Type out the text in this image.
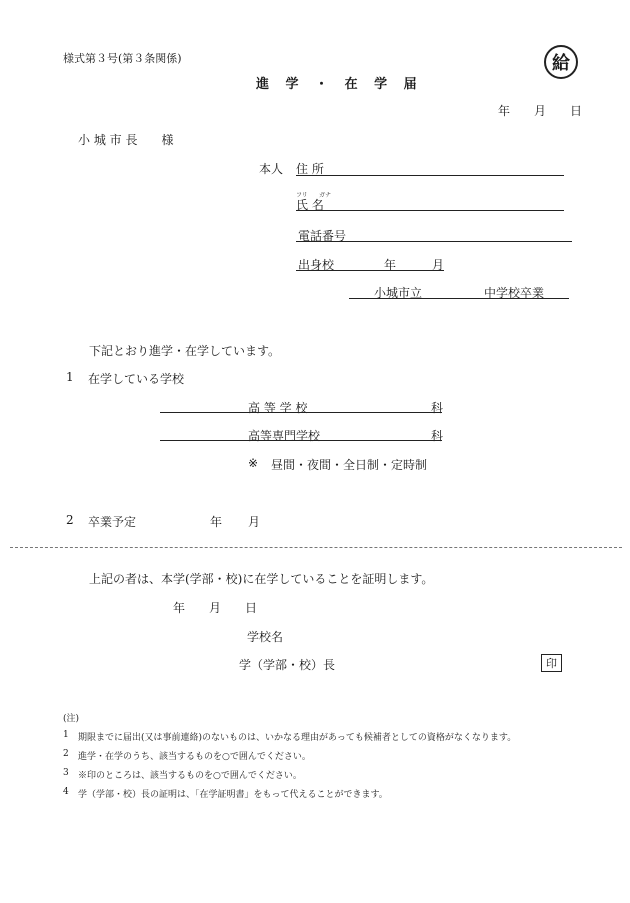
様式第３号(第３条関係)	給
進 学 ・ 在 学 届
年　　月　　日
小 城 市 長　　様
本人 住 所
フリ ガナ
氏 名
電話番号
出身校	年	月
小城市立	中学校卒業
下記とおり進学・在学しています。
1 在学している学校
高 等 学 校	科
高等専門学校	科
※ 昼間・夜間・全日制・定時制
2 卒業予定	年 月
上記の者は、本学(学部・校)に在学していることを証明します。
年　　月　　日
学校名
学（学部・校）長	印
(注)
1 期限までに届出(又は事前連絡)のないものは、いかなる理由があっても候補者としての資格がなくなります。
2 進学・在学のうち、該当するものを○で囲んでください。
3 ※印のところは、該当するものを○で囲んでください。
4 学（学部・校）長の証明は、「在学証明書」をもって代えることができます。
